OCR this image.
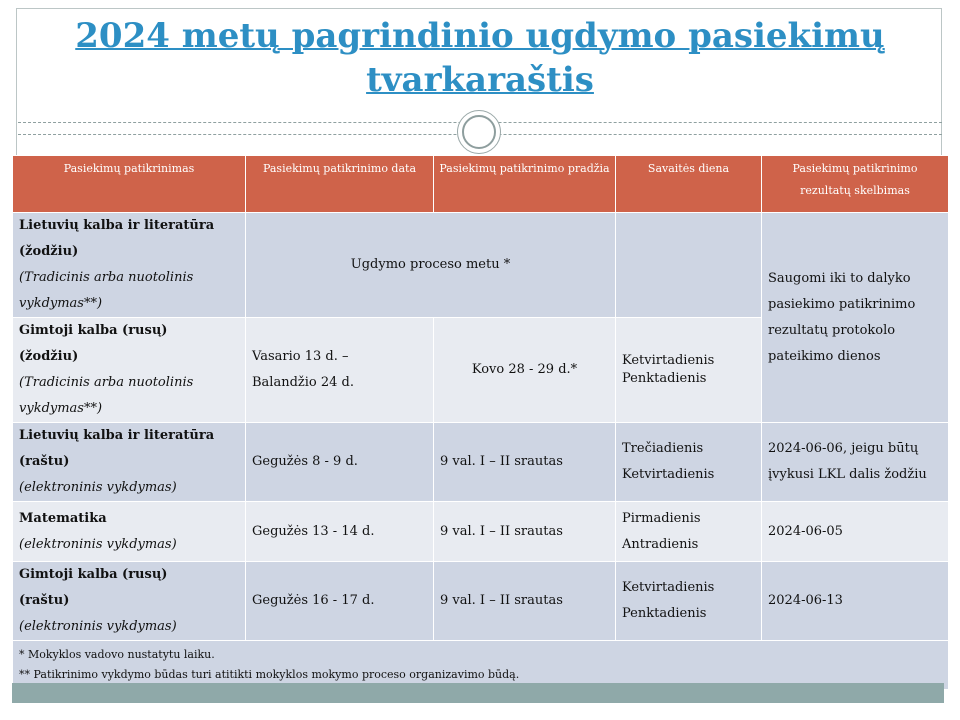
2024 metų pagrindinio ugdymo pasiekimų
tvarkaraštis
Pasiekimų patikrinimas	Pasiekimų patikrinimo data	Pasiekimų patikrinimo pradžia	Savaitės diena	Pasiekimų patikrinimo rezultatų skelbimas

Lietuvių kalba ir literatūra (žodžiu)
(Tradicinis arba nuotolinis vykdymas**)	Ugdymo proceso metu *			Saugomi iki to dalyko pasiekimo patikrinimo rezultatų protokolo pateikimo dienos

Gimtoji kalba (rusų)
(žodžiu)
(Tradicinis arba nuotolinis vykdymas**)	Vasario 13 d. –
Balandžio 24 d.	Kovo 28 - 29 d.*	Ketvirtadienis
Penktadienis	

Lietuvių kalba ir literatūra
(raštu)
(elektroninis vykdymas)	Gegužės 8 - 9 d.	9 val. I – II srautas	Trečiadienis
Ketvirtadienis	2024-06-06, jeigu būtų įvykusi LKL dalis žodžiu

Matematika
(elektroninis vykdymas)	Gegužės 13 - 14 d.	9 val. I – II srautas	Pirmadienis
Antradienis	2024-06-05

Gimtoji kalba (rusų)
(raštu)
(elektroninis vykdymas)	Gegužės 16 - 17 d.	9 val. I – II srautas	Ketvirtadienis
Penktadienis	2024-06-13

* Mokyklos vadovo nustatytu laiku.
** Patikrinimo vykdymo būdas turi atitikti mokyklos mokymo proceso organizavimo būdą.				
